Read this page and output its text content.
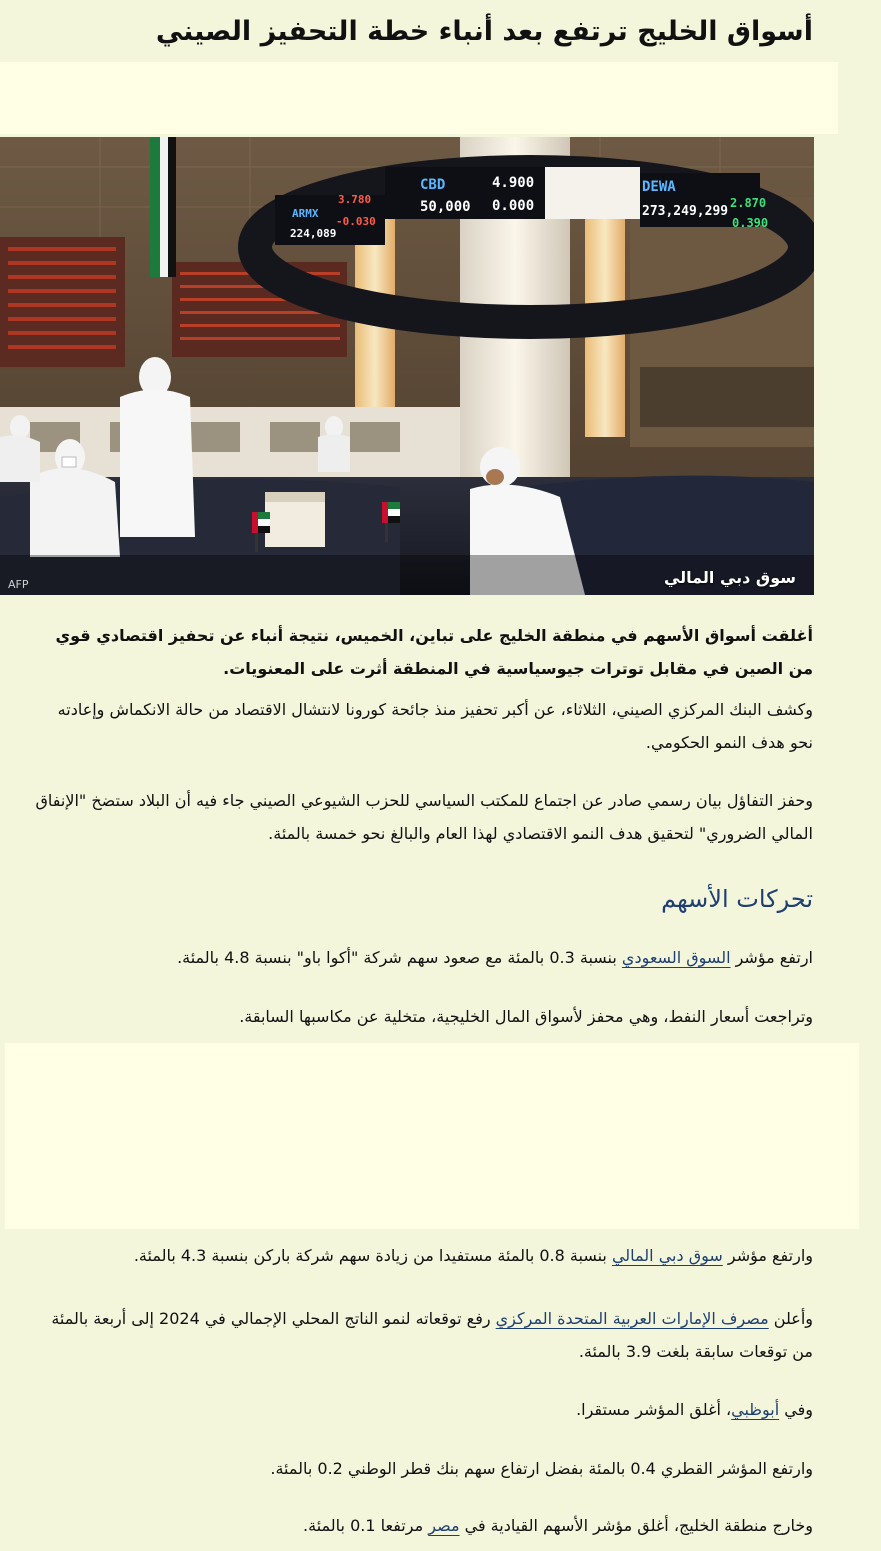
أسواق الخليج ترتفع بعد أنباء خطة التحفيز الصيني
CBD
50,000
4.900
0.000
DEWA
273,249,299
2.870
0.390
ARMX
224,089
3.780
-0.030
سوق دبي المالي
AFP

أغلقت أسواق الأسهم في منطقة الخليج على تباين، الخميس، نتيجة أنباء عن تحفيز اقتصادي قوي من الصين في مقابل توترات جيوسياسية في المنطقة أثرت على المعنويات.

وكشف البنك المركزي الصيني، الثلاثاء، عن أكبر تحفيز منذ جائحة كورونا لانتشال الاقتصاد من حالة الانكماش وإعادته نحو هدف النمو الحكومي.

وحفز التفاؤل بيان رسمي صادر عن اجتماع للمكتب السياسي للحزب الشيوعي الصيني جاء فيه أن البلاد ستضخ "الإنفاق المالي الضروري" لتحقيق هدف النمو الاقتصادي لهذا العام والبالغ نحو خمسة بالمئة.

تحركات الأسهم

ارتفع مؤشر السوق السعودي بنسبة 0.3 بالمئة مع صعود سهم شركة "أكوا باو" بنسبة 4.8 بالمئة.

وتراجعت أسعار النفط، وهي محفز لأسواق المال الخليجية، متخلية عن مكاسبها السابقة.

وارتفع مؤشر سوق دبي المالي بنسبة 0.8 بالمئة مستفيدا من زيادة سهم شركة باركن بنسبة 4.3 بالمئة.

وأعلن مصرف الإمارات العربية المتحدة المركزي رفع توقعاته لنمو الناتج المحلي الإجمالي في 2024 إلى أربعة بالمئة من توقعات سابقة بلغت 3.9 بالمئة.

وفي أبوظبي، أغلق المؤشر مستقرا.

وارتفع المؤشر القطري 0.4 بالمئة بفضل ارتفاع سهم بنك قطر الوطني 0.2 بالمئة.

وخارج منطقة الخليج، أغلق مؤشر الأسهم القيادية في مصر مرتفعا 0.1 بالمئة.
